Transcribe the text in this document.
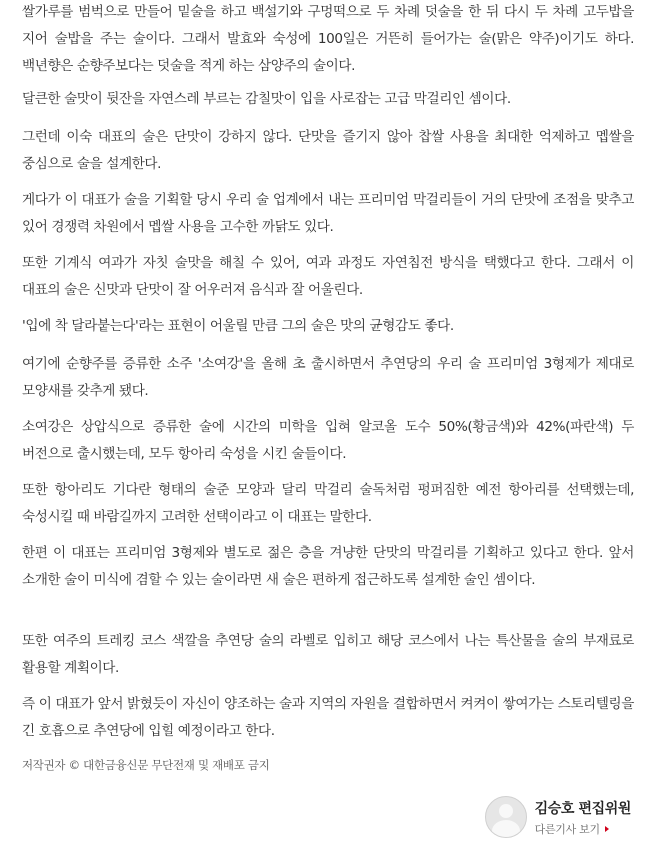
쌀가루를 범벅으로 만들어 밑술을 하고 백설기와 구멍떡으로 두 차례 덧술을 한 뒤 다시 두 차례 고두밥을 지어 술밥을 주는 술이다. 그래서 발효와 숙성에 100일은 거뜬히 들어가는 술(맑은 약주)이기도 하다. 백년향은 순향주보다는 덧술을 적게 하는 삼양주의 술이다.

달큰한 술맛이 뒷잔을 자연스레 부르는 감칠맛이 입을 사로잡는 고급 막걸리인 셈이다.

그런데 이숙 대표의 술은 단맛이 강하지 않다. 단맛을 즐기지 않아 찹쌀 사용을 최대한 억제하고 멥쌀을 중심으로 술을 설계한다.

게다가 이 대표가 술을 기획할 당시 우리 술 업계에서 내는 프리미엄 막걸리들이 거의 단맛에 조점을 맞추고 있어 경쟁력 차원에서 멥쌀 사용을 고수한 까닭도 있다.

또한 기계식 여과가 자칫 술맛을 해칠 수 있어, 여과 과정도 자연침전 방식을 택했다고 한다. 그래서 이 대표의 술은 신맛과 단맛이 잘 어우러져 음식과 잘 어울린다.

'입에 착 달라붙는다'라는 표현이 어울릴 만큼 그의 술은 맛의 균형감도 좋다.

여기에 순향주를 증류한 소주 '소여강'을 올해 초 출시하면서 추연당의 우리 술 프리미엄 3형제가 제대로 모양새를 갖추게 됐다.

소여강은 상압식으로 증류한 술에 시간의 미학을 입혀 알코올 도수 50%(황금색)와 42%(파란색) 두 버전으로 출시했는데, 모두 항아리 숙성을 시킨 술들이다.

또한 항아리도 기다란 형태의 술준 모양과 달리 막걸리 술독처럼 펑퍼짐한 예전 항아리를 선택했는데, 숙성시킬 때 바람길까지 고려한 선택이라고 이 대표는 말한다.

한편 이 대표는 프리미엄 3형제와 별도로 젊은 층을 겨냥한 단맛의 막걸리를 기획하고 있다고 한다. 앞서 소개한 술이 미식에 겸할 수 있는 술이라면 새 술은 편하게 접근하도록 설계한 술인 셈이다.

또한 여주의 트레킹 코스 색깔을 추연당 술의 라벨로 입히고 해당 코스에서 나는 특산물을 술의 부재료로 활용할 계획이다.

즉 이 대표가 앞서 밝혔듯이 자신이 양조하는 술과 지역의 자원을 결합하면서 켜켜이 쌓여가는 스토리텔링을 긴 호흡으로 추연당에 입힐 예정이라고 한다.

저작권자 © 대한금융신문 무단전재 및 재배포 금지
김승호 편집위원
다른기사 보기
